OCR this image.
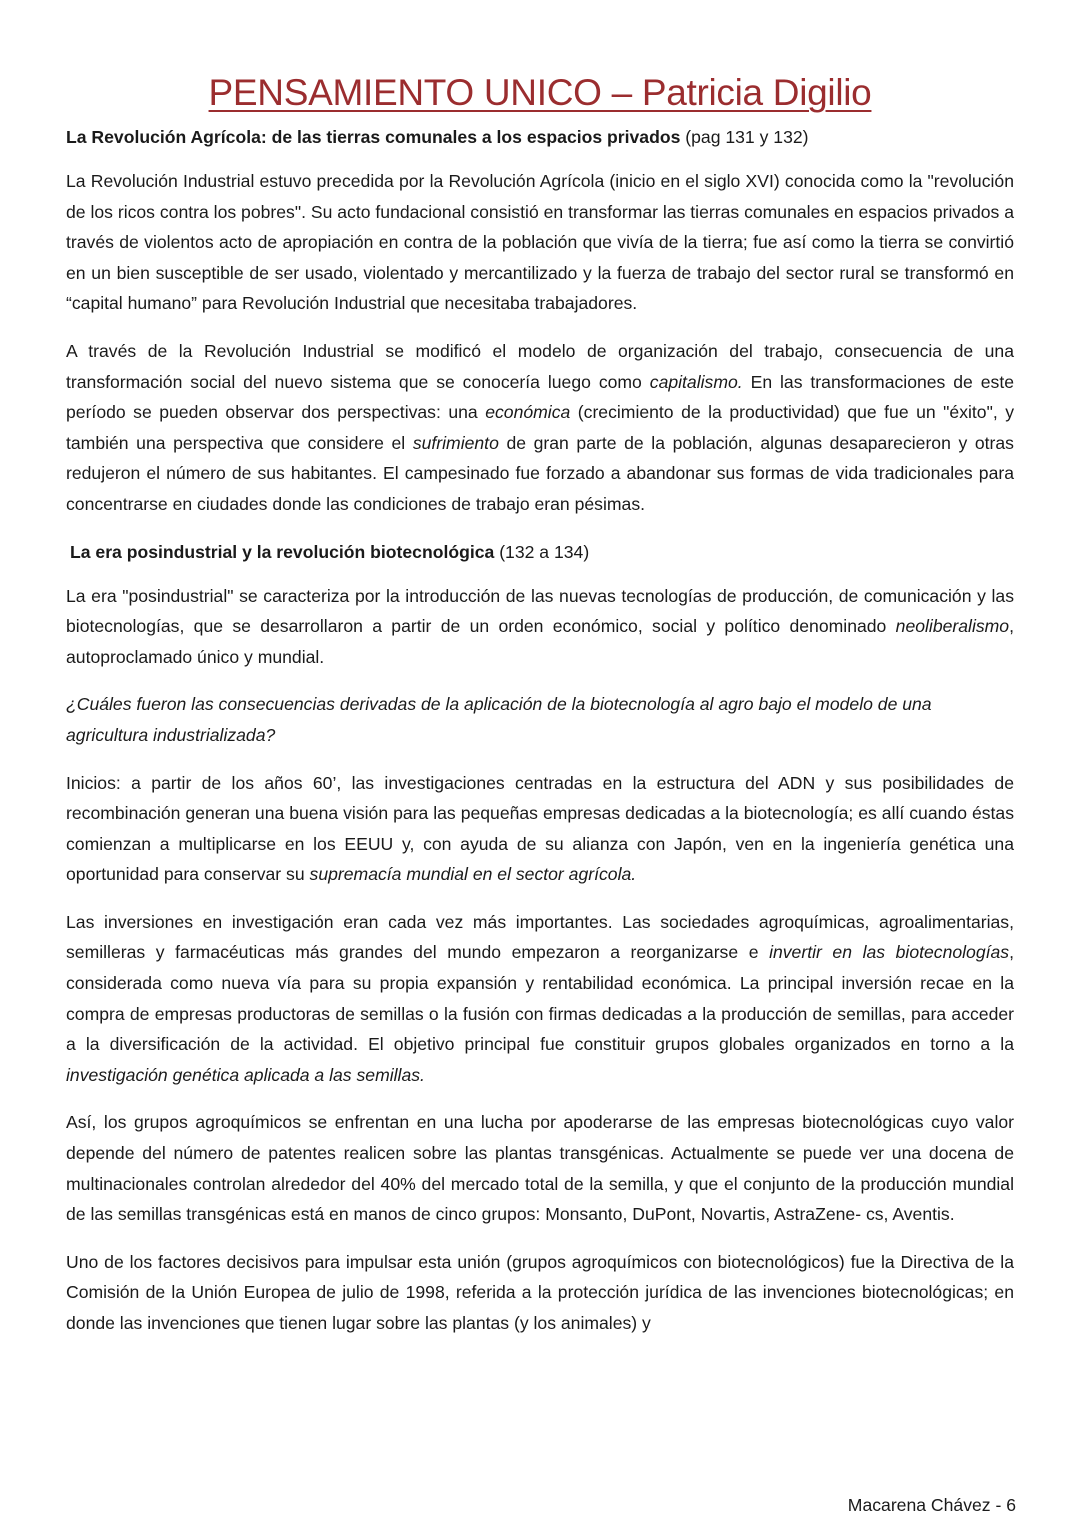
PENSAMIENTO UNICO – Patricia Digilio
La Revolución Agrícola: de las tierras comunales a los espacios privados (pag 131 y 132)

La Revolución Industrial estuvo precedida por la Revolución Agrícola (inicio en el siglo XVI) conocida como la "revolución de los ricos contra los pobres". Su acto fundacional consistió en transformar las tierras comunales en espacios privados a través de violentos acto de apropiación en contra de la población que vivía de la tierra; fue así como la tierra se convirtió en un bien susceptible de ser usado, violentado y mercantilizado y la fuerza de trabajo del sector rural se transformó en “capital humano” para Revolución Industrial que necesitaba trabajadores.

A través de la Revolución Industrial se modificó el modelo de organización del trabajo, consecuencia de una transformación social del nuevo sistema que se conocería luego como capitalismo. En las transformaciones de este período se pueden observar dos perspectivas: una económica (crecimiento de la productividad) que fue un "éxito", y también una perspectiva que considere el sufrimiento de gran parte de la población, algunas desaparecieron y otras redujeron el número de sus habitantes. El campesinado fue forzado a abandonar sus formas de vida tradicionales para concentrarse en ciudades donde las condiciones de trabajo eran pésimas.

La era posindustrial y la revolución biotecnológica (132 a 134)

La era "posindustrial" se caracteriza por la introducción de las nuevas tecnologías de producción, de comunicación y las biotecnologías, que se desarrollaron a partir de un orden económico, social y político denominado neoliberalismo, autoproclamado único y mundial.

¿Cuáles fueron las consecuencias derivadas de la aplicación de la biotecnología al agro bajo el modelo de una agricultura industrializada?

Inicios: a partir de los años 60’, las investigaciones centradas en la estructura del ADN y sus posibilidades de recombinación generan una buena visión para las pequeñas empresas dedicadas a la biotecnología; es allí cuando éstas comienzan a multiplicarse en los EEUU y, con ayuda de su alianza con Japón, ven en la ingeniería genética una oportunidad para conservar su supremacía mundial en el sector agrícola.

Las inversiones en investigación eran cada vez más importantes. Las sociedades agroquímicas, agroalimentarias, semilleras y farmacéuticas más grandes del mundo empezaron a reorganizarse e invertir en las biotecnologías, considerada como nueva vía para su propia expansión y rentabilidad económica. La principal inversión recae en la compra de empresas productoras de semillas o la fusión con firmas dedicadas a la producción de semillas, para acceder a la diversificación de la actividad. El objetivo principal fue constituir grupos globales organizados en torno a la investigación genética aplicada a las semillas.

Así, los grupos agroquímicos se enfrentan en una lucha por apoderarse de las empresas biotecnológicas cuyo valor depende del número de patentes realicen sobre las plantas transgénicas. Actualmente se puede ver una docena de multinacionales controlan alrededor del 40% del mercado total de la semilla, y que el conjunto de la producción mundial de las semillas transgénicas está en manos de cinco grupos: Monsanto, DuPont, Novartis, AstraZene- cs, Aventis.

Uno de los factores decisivos para impulsar esta unión (grupos agroquímicos con biotecnológicos) fue la Directiva de la Comisión de la Unión Europea de julio de 1998, referida a la protección jurídica de las invenciones biotecnológicas; en donde las invenciones que tienen lugar sobre las plantas (y los animales) y

Macarena Chávez - 6
